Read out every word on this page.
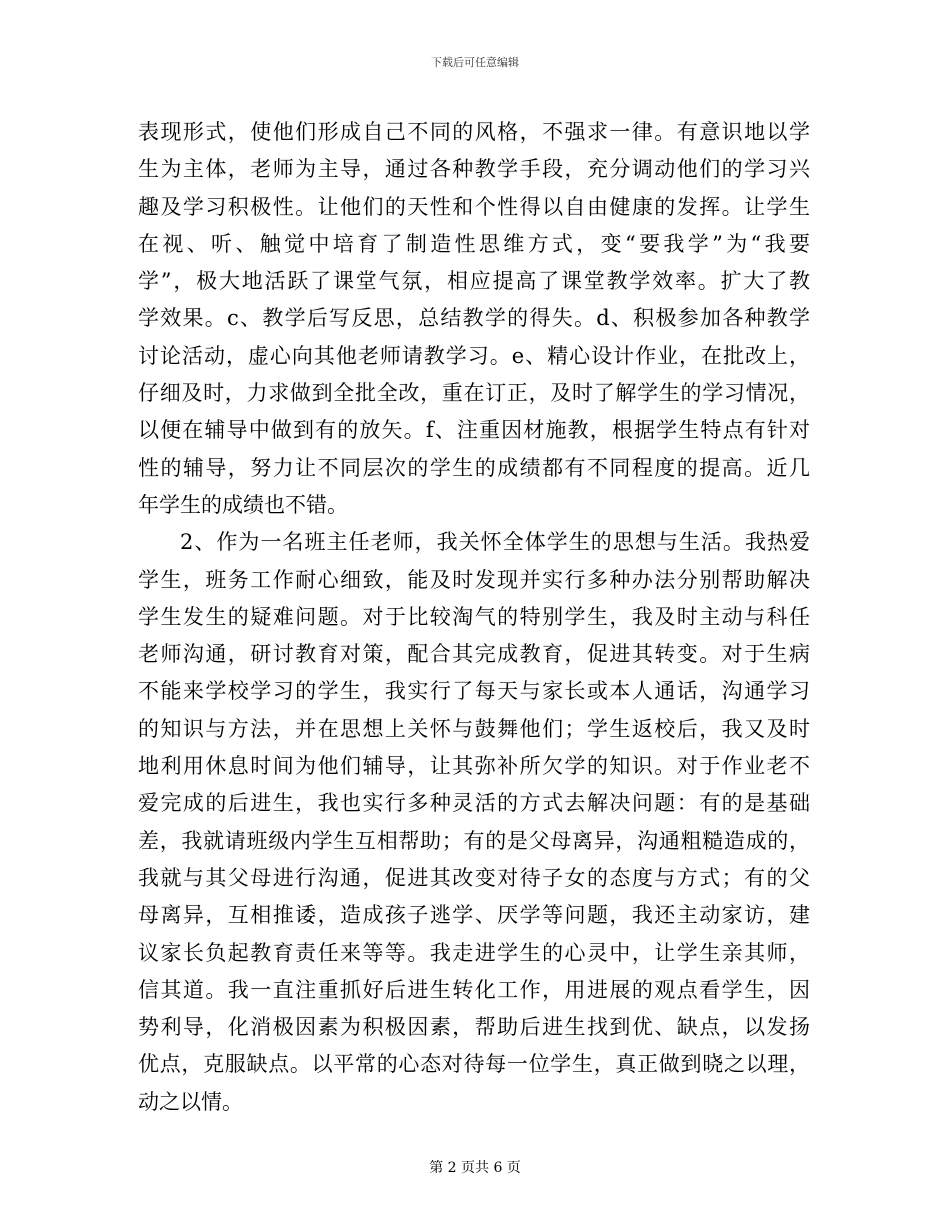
下载后可任意编辑
表现形式，使他们形成自己不同的风格，不强求一律。有意识地以学
生为主体，老师为主导，通过各种教学手段，充分调动他们的学习兴
趣及学习积极性。让他们的天性和个性得以自由健康的发挥。让学生
在视、听、触觉中培育了制造性思维方式，变“要我学”为“我要
学”，极大地活跃了课堂气氛，相应提高了课堂教学效率。扩大了教
学效果。c、教学后写反思，总结教学的得失。d、积极参加各种教学
讨论活动，虚心向其他老师请教学习。e、精心设计作业，在批改上，
仔细及时，力求做到全批全改，重在订正，及时了解学生的学习情况，
以便在辅导中做到有的放矢。f、注重因材施教，根据学生特点有针对
性的辅导，努力让不同层次的学生的成绩都有不同程度的提高。近几
年学生的成绩也不错。
2、作为一名班主任老师，我关怀全体学生的思想与生活。我热爱
学生，班务工作耐心细致，能及时发现并实行多种办法分别帮助解决
学生发生的疑难问题。对于比较淘气的特别学生，我及时主动与科任
老师沟通，研讨教育对策，配合其完成教育，促进其转变。对于生病
不能来学校学习的学生，我实行了每天与家长或本人通话，沟通学习
的知识与方法，并在思想上关怀与鼓舞他们；学生返校后，我又及时
地利用休息时间为他们辅导，让其弥补所欠学的知识。对于作业老不
爱完成的后进生，我也实行多种灵活的方式去解决问题：有的是基础
差，我就请班级内学生互相帮助；有的是父母离异，沟通粗糙造成的，
我就与其父母进行沟通，促进其改变对待子女的态度与方式；有的父
母离异，互相推诿，造成孩子逃学、厌学等问题，我还主动家访，建
议家长负起教育责任来等等。我走进学生的心灵中，让学生亲其师，
信其道。我一直注重抓好后进生转化工作，用进展的观点看学生，因
势利导，化消极因素为积极因素，帮助后进生找到优、缺点，以发扬
优点，克服缺点。以平常的心态对待每一位学生，真正做到晓之以理，
动之以情。
第 2 页共 6 页
